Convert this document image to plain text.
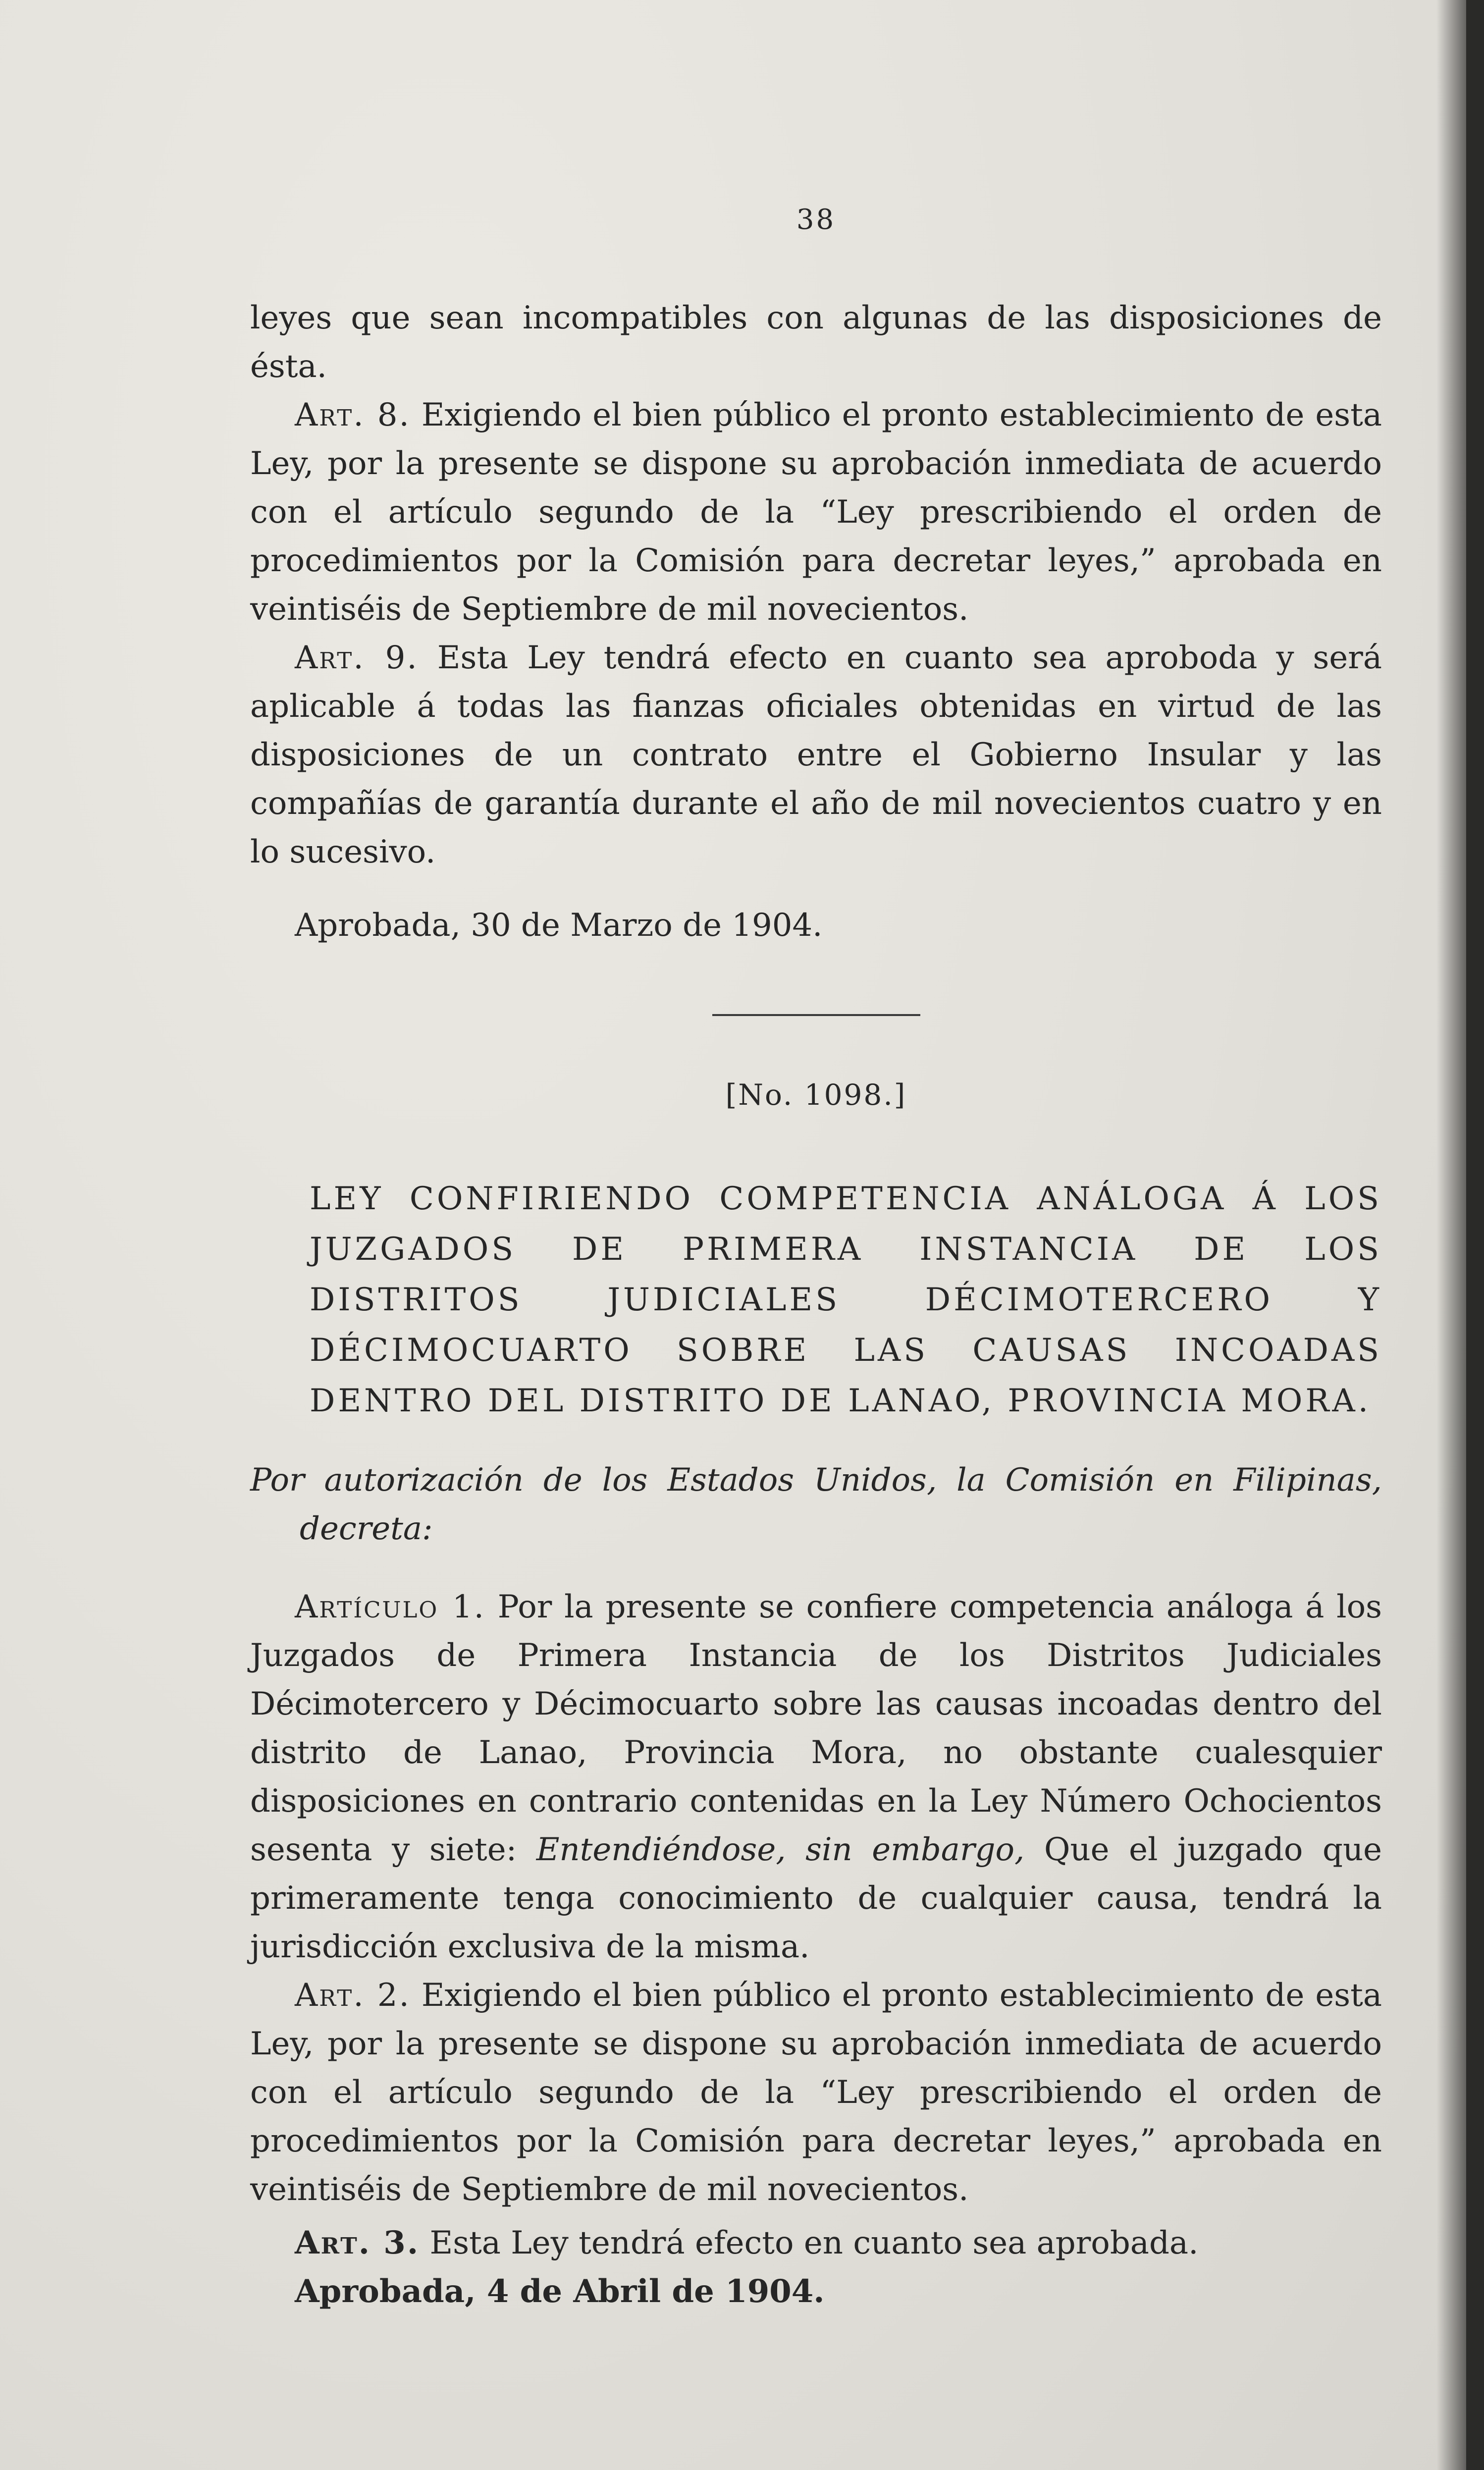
38

leyes que sean incompatibles con algunas de las disposiciones de ésta.

Art. 8. Exigiendo el bien público el pronto establecimiento de esta Ley, por la presente se dispone su aprobación inmediata de acuerdo con el artículo segundo de la “Ley prescribiendo el orden de procedimientos por la Comisión para decretar leyes,” aprobada en veintiséis de Septiembre de mil novecientos.

Art. 9. Esta Ley tendrá efecto en cuanto sea aproboda y será aplicable á todas las fianzas oficiales obtenidas en virtud de las disposiciones de un contrato entre el Gobierno Insular y las compañías de garantía durante el año de mil novecientos cuatro y en lo sucesivo.

Aprobada, 30 de Marzo de 1904.

[No. 1098.]

LEY CONFIRIENDO COMPETENCIA ANÁLOGA Á LOS JUZGADOS DE PRIMERA INSTANCIA DE LOS DISTRITOS JUDICIALES DÉCIMOTERCERO Y DÉCIMOCUARTO SOBRE LAS CAUSAS INCOADAS DENTRO DEL DISTRITO DE LANAO, PROVINCIA MORA.

Por autorización de los Estados Unidos, la Comisión en Filipinas, decreta:

Artículo 1. Por la presente se confiere competencia análoga á los Juzgados de Primera Instancia de los Distritos Judiciales Décimotercero y Décimocuarto sobre las causas incoadas dentro del distrito de Lanao, Provincia Mora, no obstante cualesquier disposiciones en contrario contenidas en la Ley Número Ochocientos sesenta y siete: Entendiéndose, sin embargo, Que el juzgado que primeramente tenga conocimiento de cualquier causa, tendrá la jurisdicción exclusiva de la misma.

Art. 2. Exigiendo el bien público el pronto establecimiento de esta Ley, por la presente se dispone su aprobación inmediata de acuerdo con el artículo segundo de la “Ley prescribiendo el orden de procedimientos por la Comisión para decretar leyes,” aprobada en veintiséis de Septiembre de mil novecientos.

Art. 3. Esta Ley tendrá efecto en cuanto sea aprobada.

Aprobada, 4 de Abril de 1904.
